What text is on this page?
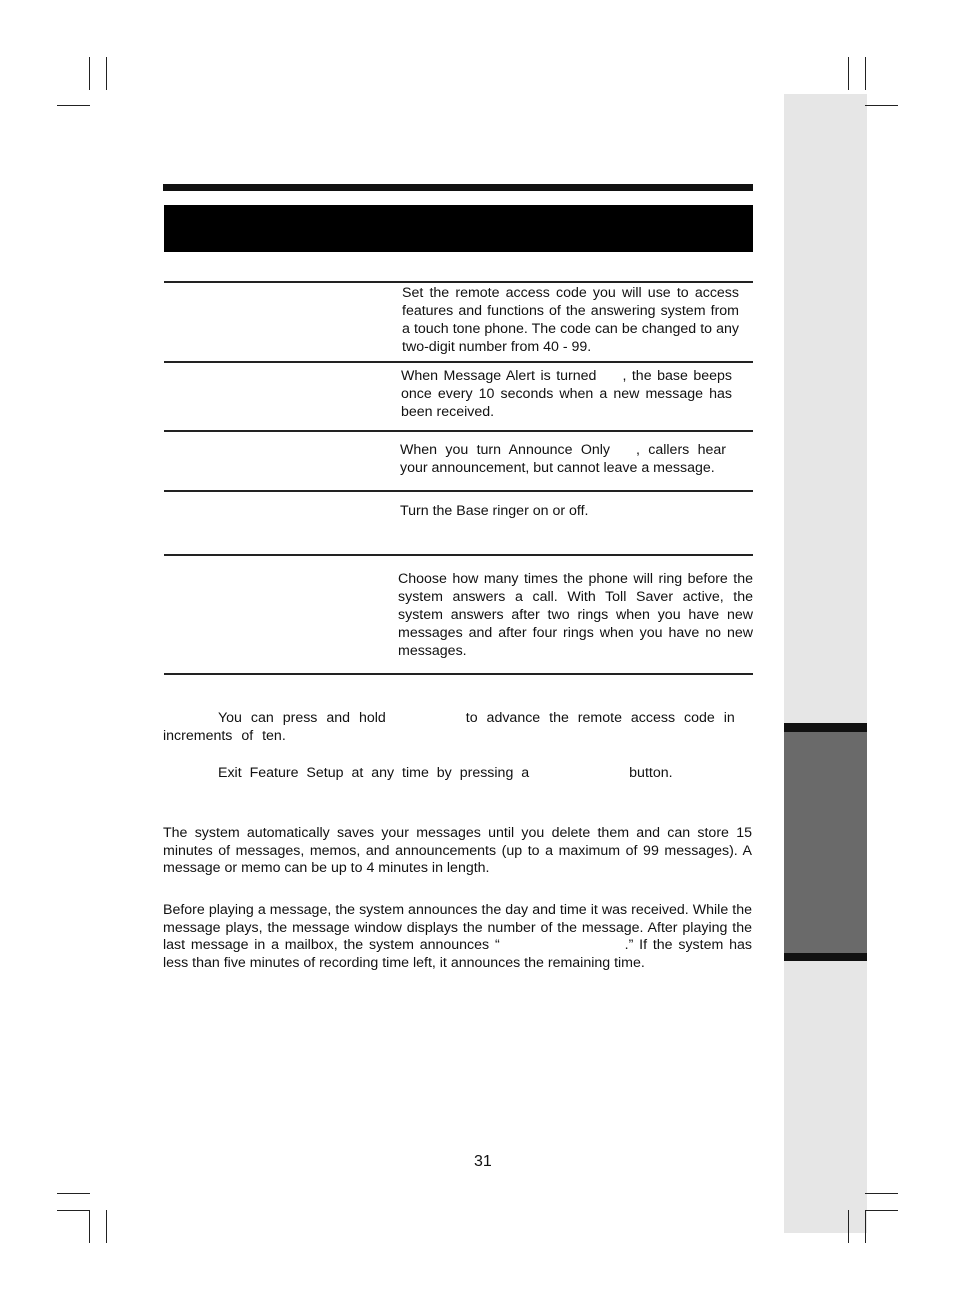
Set the remote access code you will use to access features and functions of the answering system from a touch tone phone. The code can be changed to any two-digit number from 40 - 99.

When Message Alert is turned , the base beeps once every 10 seconds when a new message has been received.

When you turn Announce Only , callers hear your announcement, but cannot leave a message.

Turn the Base ringer on or off.

Choose how many times the phone will ring before the system answers a call. With Toll Saver active, the system answers after two rings when you have new messages and after four rings when you have no new messages.

You can press and hold	to advance the remote access code in increments of ten.

Exit Feature Setup at any time by pressing a	button.

The system automatically saves your messages until you delete them and can store 15 minutes of messages, memos, and announcements (up to a maximum of 99 messages). A message or memo can be up to 4 minutes in length.

Before playing a message, the system announces the day and time it was received. While the message plays, the message window displays the number of the message. After playing the last message in a mailbox, the system announces “	.” If the system has less than five minutes of recording time left, it announces the remaining time.

31
